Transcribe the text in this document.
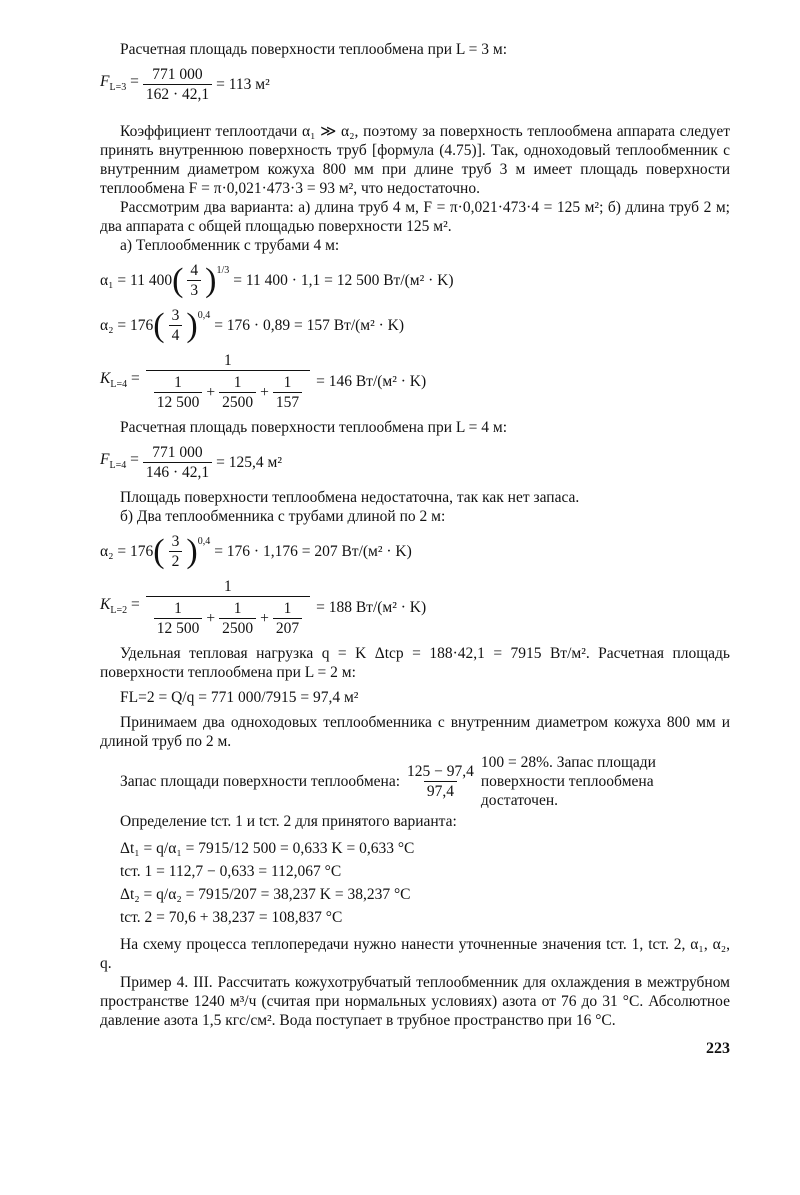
Расчетная площадь поверхности теплообмена при L = 3 м:

$F_{L=3} = \frac{771 000}{162 \cdot 42,1} = 113$ м²

Коэффициент теплоотдачи α₁ ≫ α₂, поэтому за поверхность теплообмена аппарата следует принять внутреннюю поверхность труб [формула (4.75)]. Так, одноходовый теплообменник с внутренним диаметром кожуха 800 мм при длине труб 3 м имеет площадь поверхности теплообмена F = π·0,021·473·3 = 93 м², что недостаточно.

Рассмотрим два варианта: а) длина труб 4 м, F = π·0,021·473·4 = 125 м²; б) длина труб 2 м; два аппарата с общей площадью поверхности 125 м².

а) Теплообменник с трубами 4 м:

α₁ = 11 400 ( $\frac{4}{3} )^{1/3}$
= 11 400 · 1,1 = 12 500 Вт/(м² · K)
α₂ = 176 ( $\frac{3}{4} )^{0,4}$
= 176 · 0,89 = 157 Вт/(м² · K)
$K_{L=4} = \frac{1}{\frac{1}{12 500} + \frac{1}{2500} + \frac{1}{157}} = 146$ Вт/(м² · K)

Расчетная площадь поверхности теплообмена при L = 4 м:

$F_{L=4} = \frac{771 000}{146 \cdot 42,1} = 125,4$ м²

Площадь поверхности теплообмена недостаточна, так как нет запаса.

б) Два теплообменника с трубами длиной по 2 м:

α₂ = 176 ( $\frac{3}{2} )^{0,4}$
= 176 · 1,176 = 207 Вт/(м² · K)
$K_{L=2} = \frac{1}{\frac{1}{12 500} + \frac{1}{2500} + \frac{1}{207}} = 188$ Вт/(м² · K)

Удельная тепловая нагрузка q = K Δtср = 188·42,1 = 7915 Вт/м². Расчетная площадь поверхности теплообмена при L = 2 м:

FL=2 = Q/q = 771 000/7915 = 97,4 м²

Принимаем два одноходовых теплообменника с внутренним диаметром кожуха 800 мм и длиной труб по 2 м.

Запас площади поверхности теплообмена: $\frac{125 - 97,4}{97,4} 100 = 28\%$. Запас площади поверхности теплообмена достаточен.

Определение tст. 1 и tст. 2 для принятого варианта:

Δt₁ = q/α₁ = 7915/12 500 = 0,633 K = 0,633 °C
tст. 1 = 112,7 − 0,633 = 112,067 °C
Δt₂ = q/α₂ = 7915/207 = 38,237 K = 38,237 °C
tст. 2 = 70,6 + 38,237 = 108,837 °C

На схему процесса теплопередачи нужно нанести уточненные значения tст. 1, tст. 2, α₁, α₂, q.

Пример 4. III. Рассчитать кожухотрубчатый теплообменник для охлаждения в межтрубном пространстве 1240 м³/ч (считая при нормальных условиях) азота от 76 до 31 °C. Абсолютное давление азота 1,5 кгс/см². Вода поступает в трубное пространство при 16 °C.

223
